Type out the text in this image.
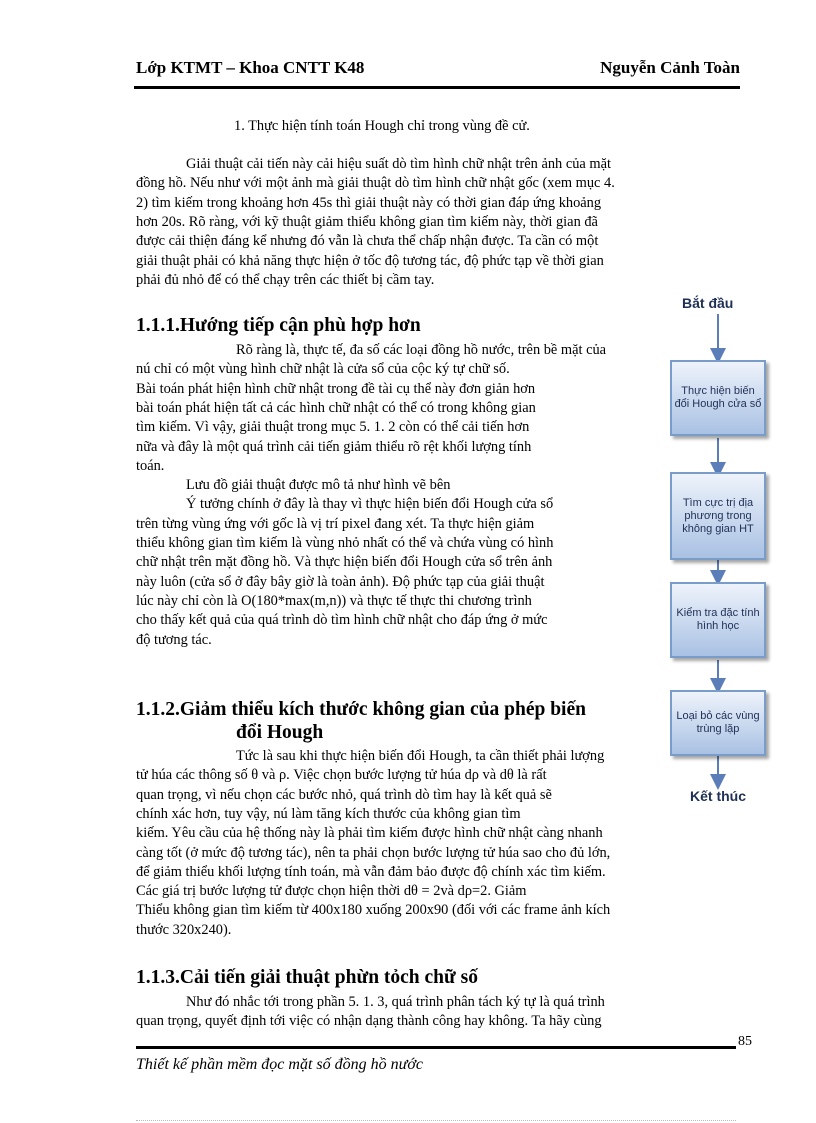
Lớp KTMT – Khoa CNTT K48	Nguyễn Cảnh Toàn
1. Thực hiện tính toán Hough chỉ trong vùng đề cử.
Giải thuật cải tiến này cải hiệu suất dò tìm hình chữ nhật trên ảnh của mặt
đồng hồ. Nếu như với một ảnh mà giải thuật dò tìm hình chữ nhật gốc (xem mục 4.
2) tìm kiếm trong khoảng hơn 45s thì giải thuật này có thời gian đáp ứng khoảng
hơn 20s. Rõ ràng, với kỹ thuật giảm thiểu không gian tìm kiếm này, thời gian đã
được cải thiện đáng kể nhưng đó vẫn là chưa thể chấp nhận được. Ta cần có một
giải thuật phải có khả năng thực hiện ở tốc độ tương tác, độ phức tạp về thời gian
phải đủ nhỏ để có thể chạy trên các thiết bị cầm tay.
1.1.1.Hướng tiếp cận phù hợp hơn
Rõ ràng là, thực tế, đa số các loại đồng hồ nước, trên bề mặt của
nú chỉ có một vùng hình chữ nhật là cửa sổ của cộc ký tự chữ số.
Bài toán phát hiện hình chữ nhật trong đề tài cụ thể này đơn giản hơn
bài toán phát hiện tất cả các hình chữ nhật có thể có trong không gian
tìm kiếm. Vì vậy, giải thuật trong mục 5. 1. 2 còn có thể cải tiến hơn
nữa và đây là một quá trình cải tiến giảm thiểu rõ rệt khối lượng tính
toán.
Lưu đồ giải thuật được mô tả như hình vẽ bên
Ý tưởng chính ở đây là thay vì thực hiện biến đổi Hough cửa sổ
trên từng vùng ứng với gốc là vị trí pixel đang xét. Ta thực hiện giảm
thiểu không gian tìm kiếm là vùng nhỏ nhất có thể và chứa vùng có hình
chữ nhật trên mặt đồng hồ. Và thực hiện biến đổi Hough cửa sổ trên ảnh
này luôn (cửa sổ ở đây bây giờ là toàn ảnh). Độ phức tạp của giải thuật
lúc này chỉ còn là O(180*max(m,n)) và thực tế thực thi chương trình
cho thấy kết quả của quá trình dò tìm hình chữ nhật cho đáp ứng ở mức
độ tương tác.
1.1.2.Giảm thiểu kích thước không gian của phép biến
đổi Hough
Tức là sau khi thực hiện biến đổi Hough, ta cần thiết phải lượng
tử húa các thông số θ và ρ. Việc chọn bước lượng tử húa dρ và dθ là rất
quan trọng, vì nếu chọn các bước nhỏ, quá trình dò tìm hay là kết quả sẽ
chính xác hơn, tuy vậy, nú làm tăng kích thước của không gian tìm
kiếm. Yêu cầu của hệ thống này là phải tìm kiếm được hình chữ nhật càng nhanh
càng tốt (ở mức độ tương tác), nên ta phải chọn bước lượng tử húa sao cho đủ lớn,
để giảm thiểu khối lượng tính toán, mà vẫn đảm bảo được độ chính xác tìm kiếm.
Các giá trị bước lượng tử được chọn hiện thời dθ = 2và dρ=2. Giảm
Thiểu không gian tìm kiếm từ 400x180 xuống 200x90 (đối với các frame ảnh kích
thước 320x240).
1.1.3.Cải tiến giải thuật phừn tỏch chữ số
Như đó nhắc tới trong phần 5. 1. 3, quá trình phân tách ký tự là quá trình
quan trọng, quyết định tới việc có nhận dạng thành công hay không. Ta hãy cùng
Bắt đầu
Thực hiện biến đổi Hough cửa sổ
Tìm cực trị địa phương trong không gian HT
Kiểm tra đặc tính hình học
Loại bỏ các vùng trùng lặp
Kết thúc
85
Thiết kế phần mềm đọc mặt số đồng hồ nước
